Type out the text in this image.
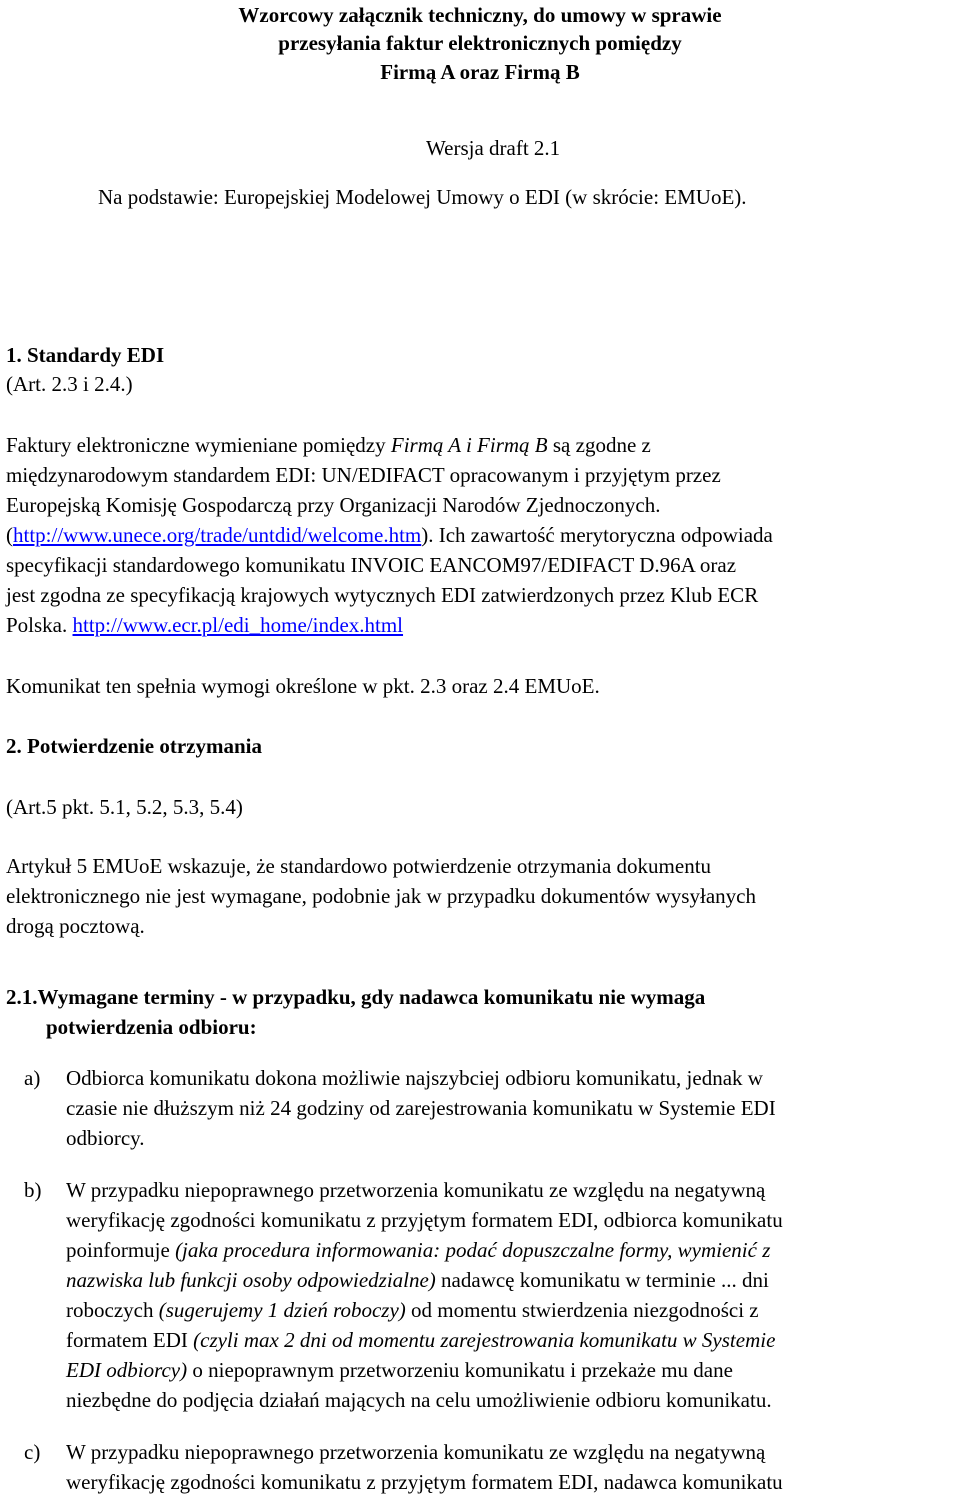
Wzorcowy załącznik techniczny, do umowy w sprawie
przesyłania faktur elektronicznych pomiędzy
Firmą A oraz Firmą B
Wersja draft 2.1
Na podstawie: Europejskiej Modelowej Umowy o EDI (w skrócie: EMUoE).
1. Standardy EDI
(Art. 2.3 i 2.4.)
Faktury elektroniczne wymieniane pomiędzy Firmą A i Firmą B są zgodne z
międzynarodowym standardem EDI: UN/EDIFACT opracowanym i przyjętym przez
Europejską Komisję Gospodarczą przy Organizacji Narodów Zjednoczonych.
(http://www.unece.org/trade/untdid/welcome.htm). Ich zawartość merytoryczna odpowiada
specyfikacji standardowego komunikatu INVOIC EANCOM97/EDIFACT D.96A oraz
jest zgodna ze specyfikacją krajowych wytycznych EDI zatwierdzonych przez Klub ECR
Polska. http://www.ecr.pl/edi_home/index.html
Komunikat ten spełnia wymogi określone w pkt. 2.3 oraz 2.4 EMUoE.
2. Potwierdzenie otrzymania
(Art.5 pkt. 5.1, 5.2, 5.3, 5.4)
Artykuł 5 EMUoE wskazuje, że standardowo potwierdzenie otrzymania dokumentu
elektronicznego nie jest wymagane, podobnie jak w przypadku dokumentów wysyłanych
drogą pocztową.
2.1.Wymagane terminy - w przypadku, gdy nadawca komunikatu nie wymaga
potwierdzenia odbioru:
a) Odbiorca komunikatu dokona możliwie najszybciej odbioru komunikatu, jednak w
czasie nie dłuższym niż 24 godziny od zarejestrowania komunikatu w Systemie EDI
odbiorcy.
b) W przypadku niepoprawnego przetworzenia komunikatu ze względu na negatywną
weryfikację zgodności komunikatu z przyjętym formatem EDI, odbiorca komunikatu
poinformuje (jaka procedura informowania: podać dopuszczalne formy, wymienić z
nazwiska lub funkcji osoby odpowiedzialne) nadawcę komunikatu w terminie ... dni
roboczych (sugerujemy 1 dzień roboczy) od momentu stwierdzenia niezgodności z
formatem EDI (czyli max 2 dni od momentu zarejestrowania komunikatu w Systemie
EDI odbiorcy) o niepoprawnym przetworzeniu komunikatu i przekaże mu dane
niezbędne do podjęcia działań mających na celu umożliwienie odbioru komunikatu.
c) W przypadku niepoprawnego przetworzenia komunikatu ze względu na negatywną
weryfikację zgodności komunikatu z przyjętym formatem EDI, nadawca komunikatu
